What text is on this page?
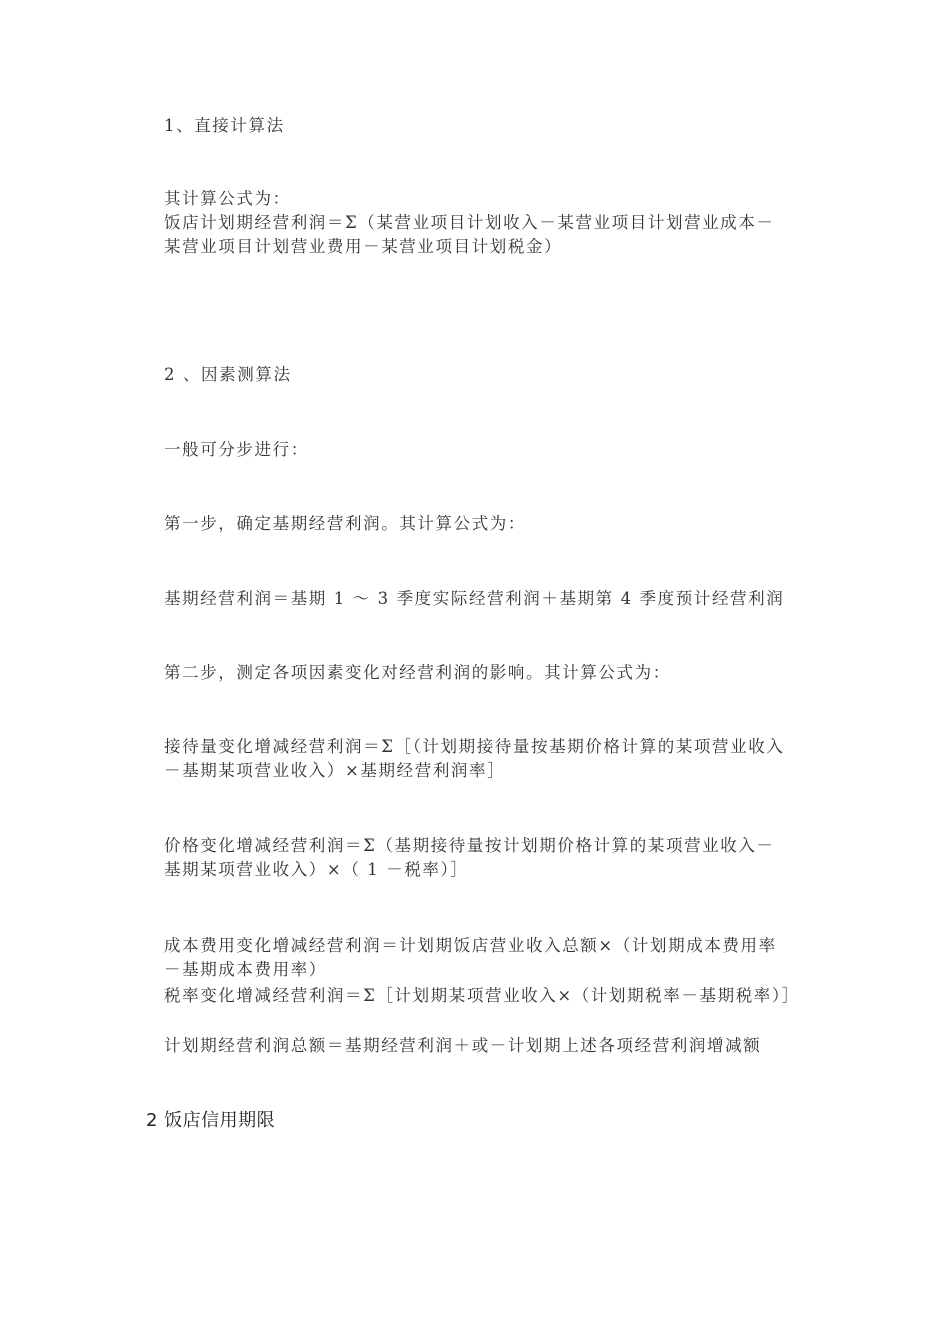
1、直接计算法
其计算公式为：
饭店计划期经营利润＝Σ（某营业项目计划收入－某营业项目计划营业成本－某营业项目计划营业费用－某营业项目计划税金）
2 、因素测算法
一般可分步进行：
第一步，确定基期经营利润。其计算公式为：
基期经营利润＝基期 1 ～ 3 季度实际经营利润＋基期第 4 季度预计经营利润
第二步，测定各项因素变化对经营利润的影响。其计算公式为：
接待量变化增减经营利润＝Σ［（计划期接待量按基期价格计算的某项营业收入－基期某项营业收入）×基期经营利润率］
价格变化增减经营利润＝Σ（基期接待量按计划期价格计算的某项营业收入－基期某项营业收入）×（ 1 －税率）］
成本费用变化增减经营利润＝计划期饭店营业收入总额×（计划期成本费用率－基期成本费用率）
税率变化增减经营利润＝Σ［计划期某项营业收入×（计划期税率－基期税率）］
计划期经营利润总额＝基期经营利润＋或－计划期上述各项经营利润增减额
2 饭店信用期限
